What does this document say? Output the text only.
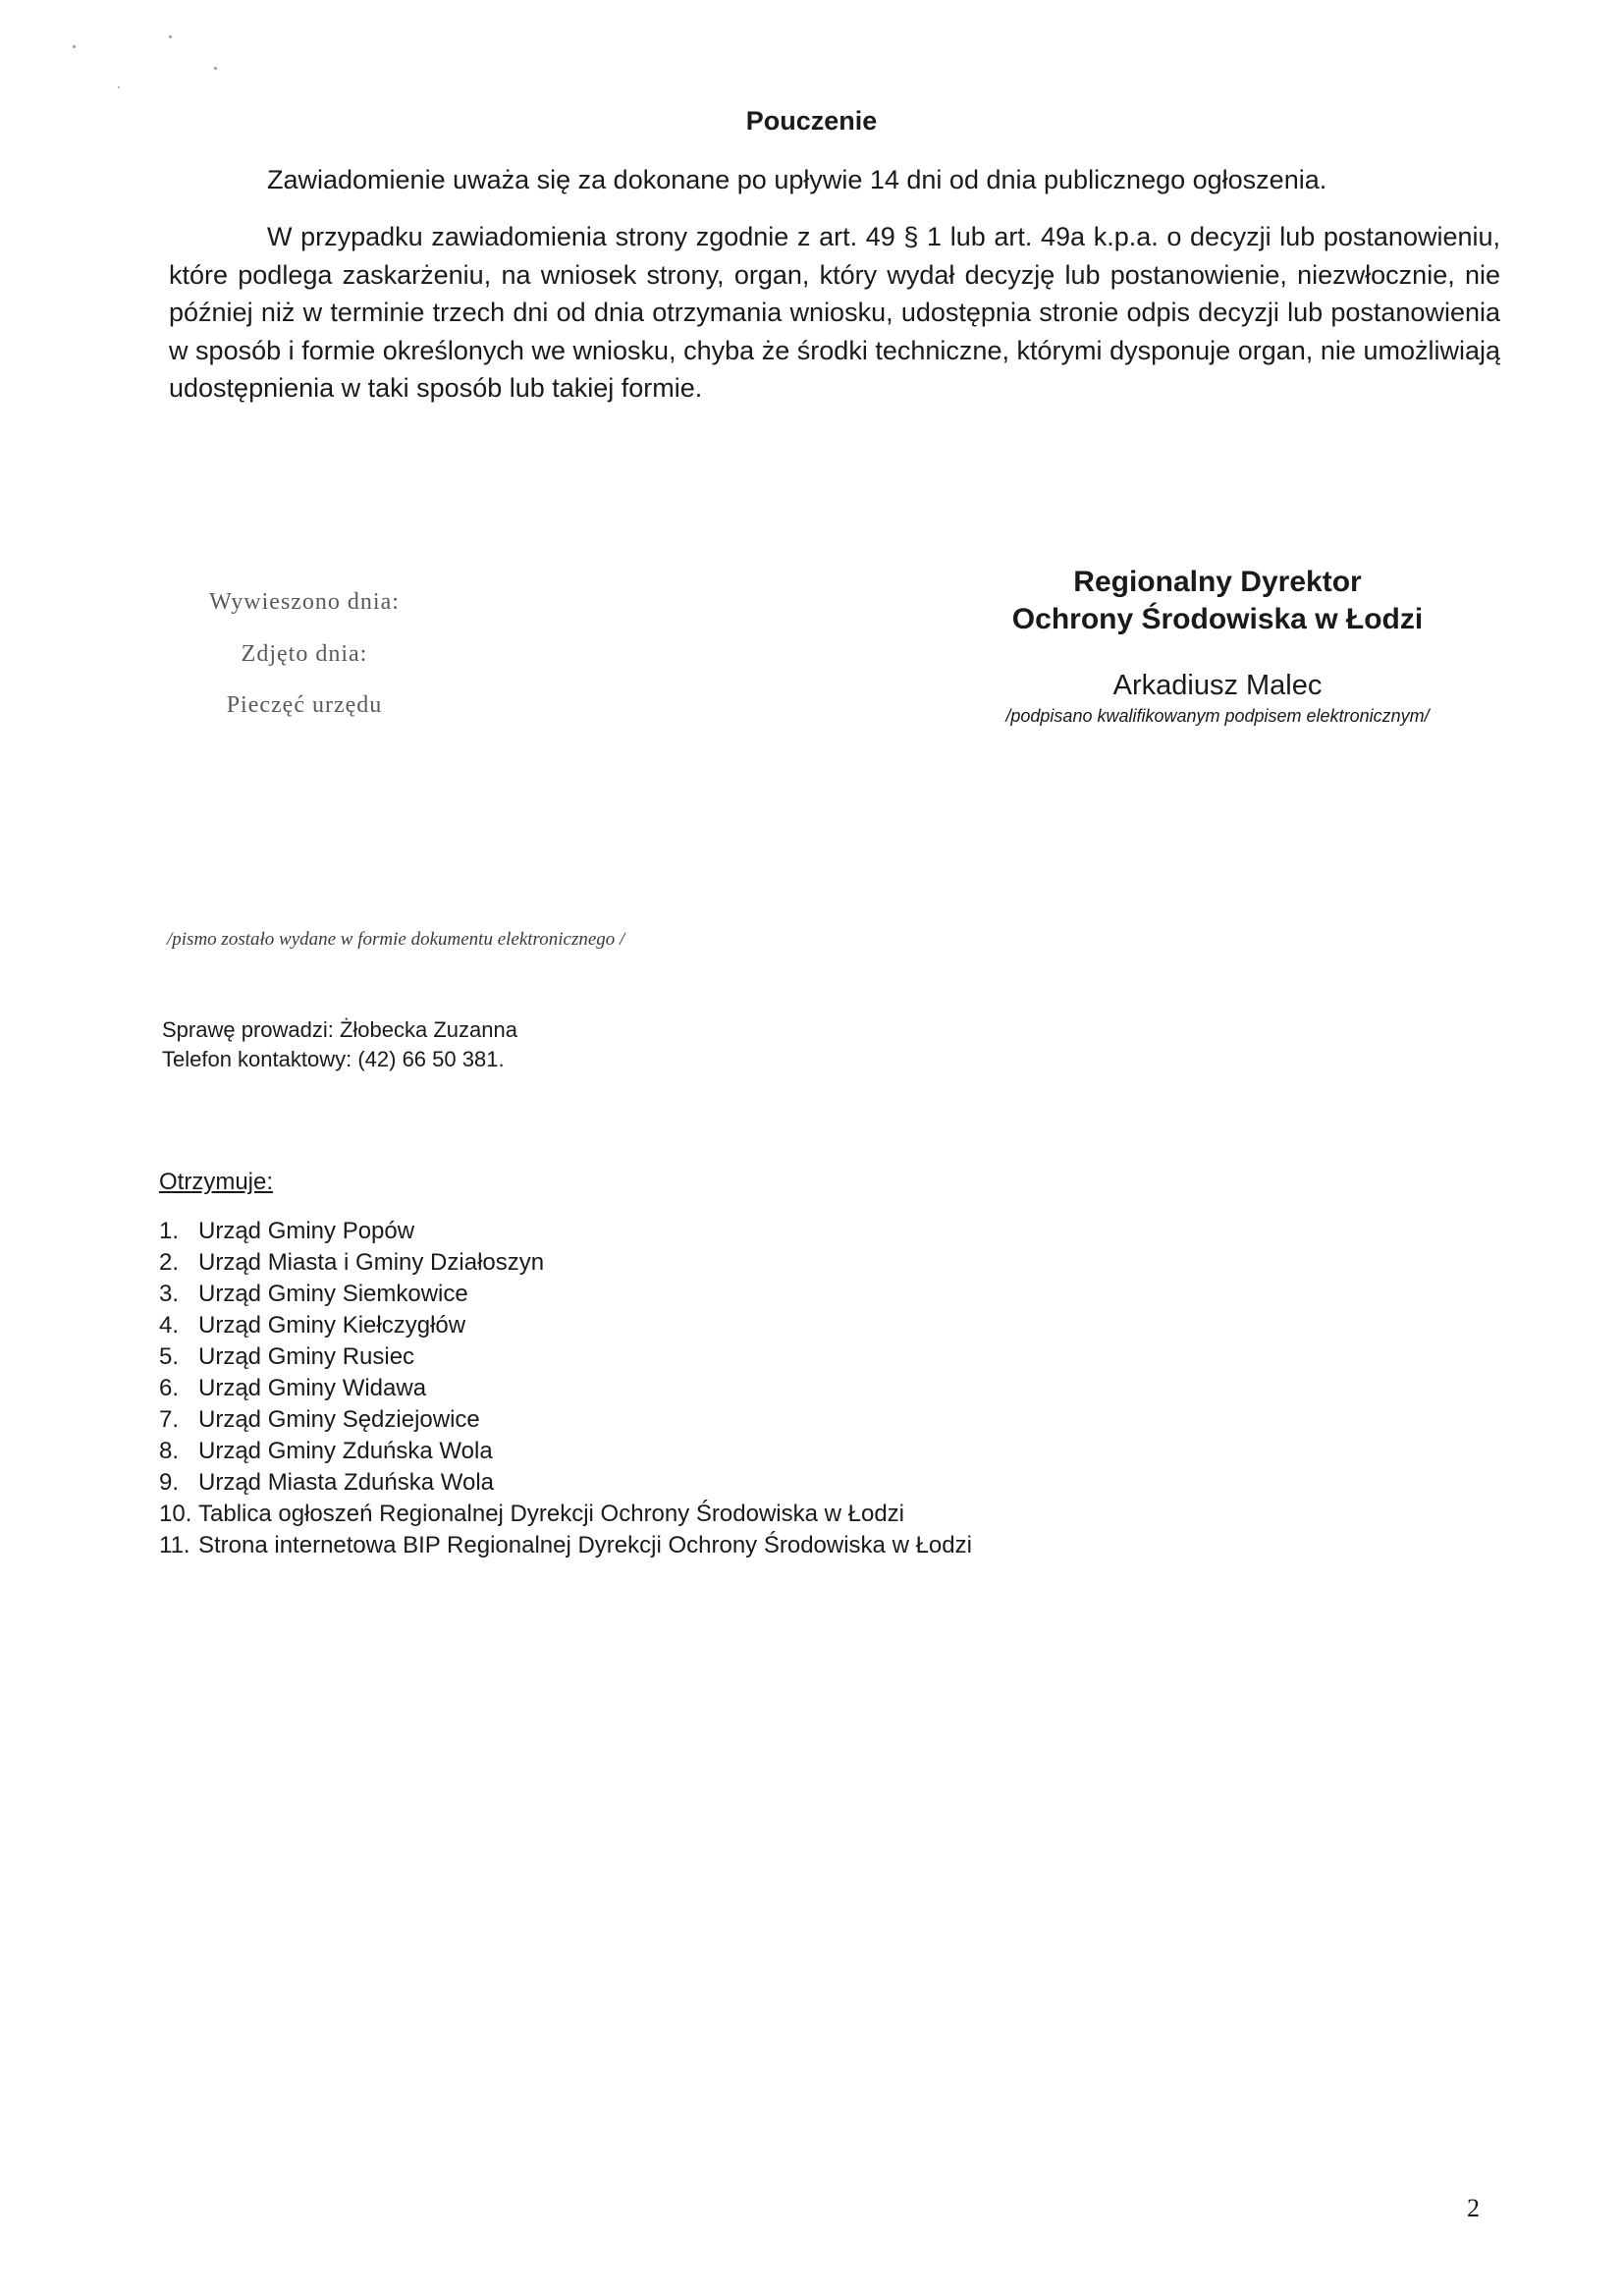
Pouczenie
Zawiadomienie uważa się za dokonane po upływie 14 dni od dnia publicznego ogłoszenia.

W przypadku zawiadomienia strony zgodnie z art. 49 § 1 lub art. 49a k.p.a. o decyzji lub postanowieniu, które podlega zaskarżeniu, na wniosek strony, organ, który wydał decyzję lub postanowienie, niezwłocznie, nie później niż w terminie trzech dni od dnia otrzymania wniosku, udostępnia stronie odpis decyzji lub postanowienia w sposób i formie określonych we wniosku, chyba że środki techniczne, którymi dysponuje organ, nie umożliwiają udostępnienia w taki sposób lub takiej formie.

Wywieszono dnia:
Zdjęto dnia:
Pieczęć urzędu
Regionalny Dyrektor
Ochrony Środowiska w Łodzi
Arkadiusz Malec
/podpisano kwalifikowanym podpisem elektronicznym/
/pismo zostało wydane w formie dokumentu elektronicznego /
Sprawę prowadzi: Żłobecka Zuzanna
Telefon kontaktowy: (42) 66 50 381.
Otrzymuje:
1. Urząd Gminy Popów
2. Urząd Miasta i Gminy Działoszyn
3. Urząd Gminy Siemkowice
4. Urząd Gminy Kiełczygłów
5. Urząd Gminy Rusiec
6. Urząd Gminy Widawa
7. Urząd Gminy Sędziejowice
8. Urząd Gminy Zduńska Wola
9. Urząd Miasta Zduńska Wola
10. Tablica ogłoszeń Regionalnej Dyrekcji Ochrony Środowiska w Łodzi
11. Strona internetowa BIP Regionalnej Dyrekcji Ochrony Środowiska w Łodzi
2
